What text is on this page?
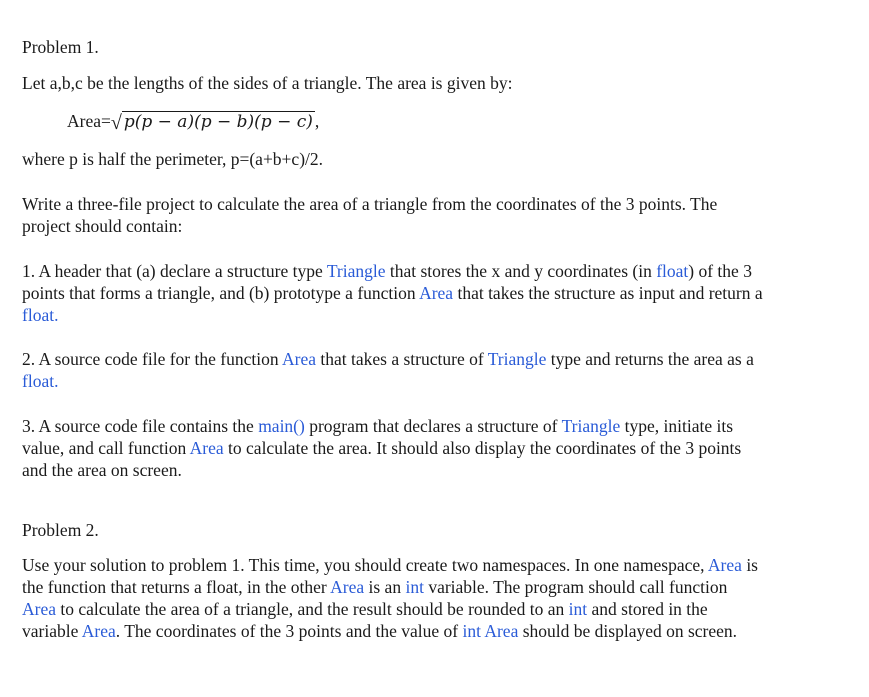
Problem 1.
Let a,b,c be the lengths of the sides of a triangle. The area is given by:
Area=√ p(p − a)(p − b)(p − c) ,
where p is half the perimeter, p=(a+b+c)/2.
Write a three-file project to calculate the area of a triangle from the coordinates of the 3 points. The
project should contain:
1. A header that (a) declare a structure type Triangle that stores the x and y coordinates (in float) of the 3
points that forms a triangle, and (b) prototype a function Area that takes the structure as input and return a
float.
2. A source code file for the function Area that takes a structure of Triangle type and returns the area as a
float.
3. A source code file contains the main() program that declares a structure of Triangle type, initiate its
value, and call function Area to calculate the area. It should also display the coordinates of the 3 points
and the area on screen.
Problem 2.
Use your solution to problem 1. This time, you should create two namespaces. In one namespace, Area is
the function that returns a float, in the other Area is an int variable. The program should call function
Area to calculate the area of a triangle, and the result should be rounded to an int and stored in the
variable Area. The coordinates of the 3 points and the value of int Area should be displayed on screen.
